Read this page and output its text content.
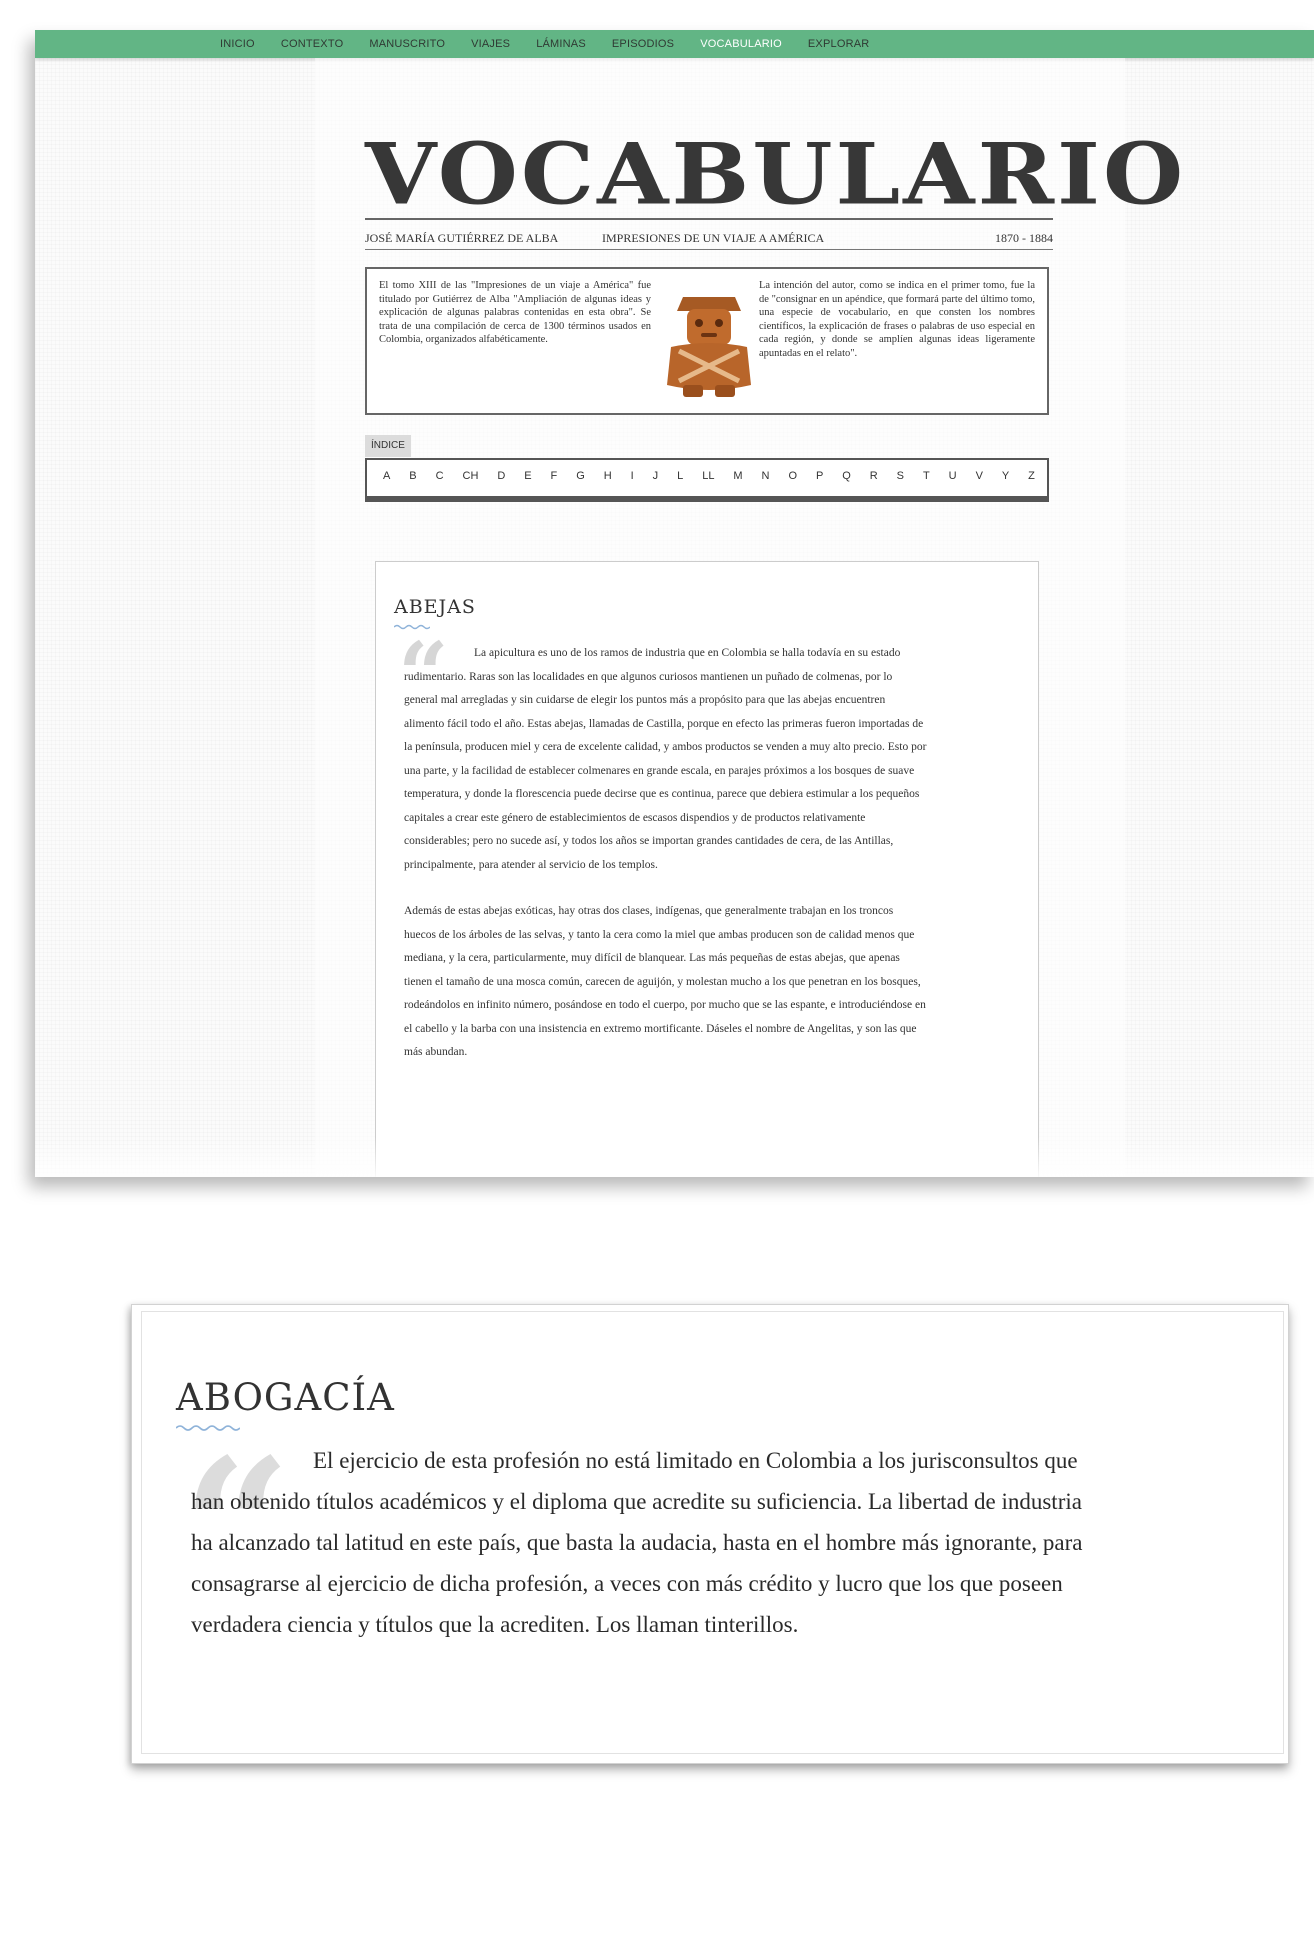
INICIO CONTEXTO MANUSCRITO VIAJES LÁMINAS EPISODIOS VOCABULARIO EXPLORAR
VOCABULARIO
JOSÉ MARÍA GUTIÉRREZ DE ALBA	IMPRESIONES DE UN VIAJE A AMÉRICA	1870 - 1884
El tomo XIII de las "Impresiones de un viaje a América" fue titulado por Gutiérrez de Alba "Ampliación de algunas ideas y explicación de algunas palabras contenidas en esta obra". Se trata de una compilación de cerca de 1300 términos usados en Colombia, organizados alfabéticamente.
La intención del autor, como se indica en el primer tomo, fue la de "consignar en un apéndice, que formará parte del último tomo, una especie de vocabulario, en que consten los nombres científicos, la explicación de frases o palabras de uso especial en cada región, y donde se amplíen algunas ideas ligeramente apuntadas en el relato".
ÍNDICE
A B C CH D E F G H I J L LL M N O P Q R S T U V Y Z
ABEJAS
“	La apicultura es uno de los ramos de industria que en Colombia se halla todavía en su estado rudimentario. Raras son las localidades en que algunos curiosos mantienen un puñado de colmenas, por lo general mal arregladas y sin cuidarse de elegir los puntos más a propósito para que las abejas encuentren alimento fácil todo el año. Estas abejas, llamadas de Castilla, porque en efecto las primeras fueron importadas de la península, producen miel y cera de excelente calidad, y ambos productos se venden a muy alto precio. Esto por una parte, y la facilidad de establecer colmenares en grande escala, en parajes próximos a los bosques de suave temperatura, y donde la florescencia puede decirse que es continua, parece que debiera estimular a los pequeños capitales a crear este género de establecimientos de escasos dispendios y de productos relativamente considerables; pero no sucede así, y todos los años se importan grandes cantidades de cera, de las Antillas, principalmente, para atender al servicio de los templos.

Además de estas abejas exóticas, hay otras dos clases, indígenas, que generalmente trabajan en los troncos huecos de los árboles de las selvas, y tanto la cera como la miel que ambas producen son de calidad menos que mediana, y la cera, particularmente, muy difícil de blanquear. Las más pequeñas de estas abejas, que apenas tienen el tamaño de una mosca común, carecen de aguijón, y molestan mucho a los que penetran en los bosques, rodeándolos en infinito número, posándose en todo el cuerpo, por mucho que se las espante, e introduciéndose en el cabello y la barba con una insistencia en extremo mortificante. Dáseles el nombre de Angelitas, y son las que más abundan.

ABOGACÍA
“ El ejercicio de esta profesión no está limitado en Colombia a los jurisconsultos que han obtenido títulos académicos y el diploma que acredite su suficiencia. La libertad de industria ha alcanzado tal latitud en este país, que basta la audacia, hasta en el hombre más ignorante, para consagrarse al ejercicio de dicha profesión, a veces con más crédito y lucro que los que poseen verdadera ciencia y títulos que la acrediten. Los llaman tinterillos.
